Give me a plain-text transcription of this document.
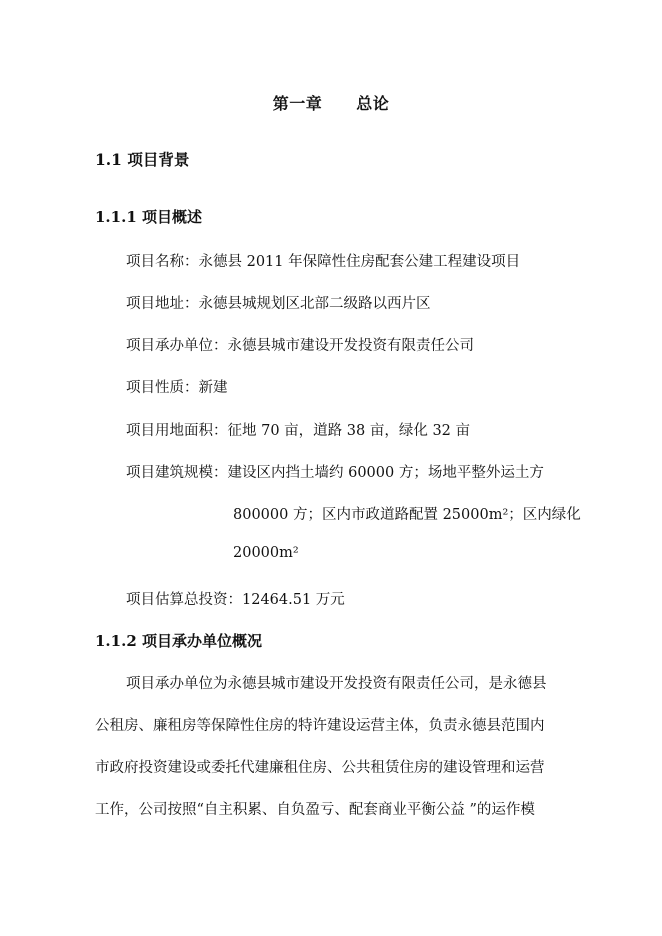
第一章 总论
1.1 项目背景
1.1.1 项目概述
项目名称：永德县 2011 年保障性住房配套公建工程建设项目
项目地址：永德县城规划区北部二级路以西片区
项目承办单位：永德县城市建设开发投资有限责任公司
项目性质：新建
项目用地面积：征地 70 亩，道路 38 亩，绿化 32 亩
项目建筑规模：建设区内挡土墙约 60000 方；场地平整外运土方
800000 方；区内市政道路配置 25000m²；区内绿化
20000m²
项目估算总投资：12464.51 万元
1.1.2 项目承办单位概况
项目承办单位为永德县城市建设开发投资有限责任公司，是永德县
公租房、廉租房等保障性住房的特许建设运营主体，负责永德县范围内
市政府投资建设或委托代建廉租住房、公共租赁住房的建设管理和运营
工作，公司按照“自主积累、自负盈亏、配套商业平衡公益 ”的运作模
